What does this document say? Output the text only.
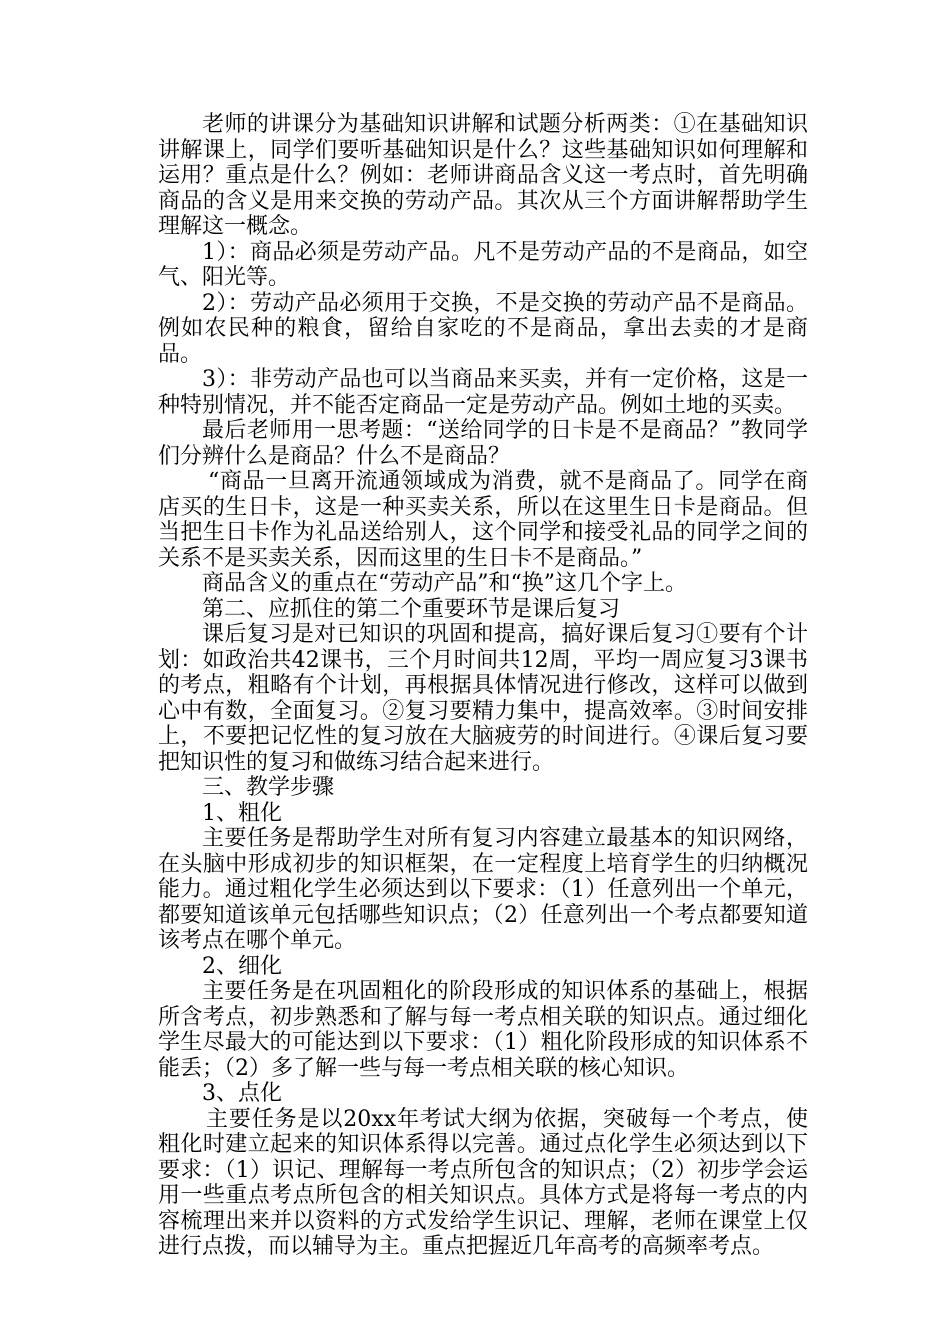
老师的讲课分为基础知识讲解和试题分析两类：①在基础知识讲解课上，同学们要听基础知识是什么？这些基础知识如何理解和运用？重点是什么？例如：老师讲商品含义这一考点时，首先明确商品的含义是用来交换的劳动产品。其次从三个方面讲解帮助学生理解这一概念。

1）：商品必须是劳动产品。凡不是劳动产品的不是商品，如空气、阳光等。

2）：劳动产品必须用于交换，不是交换的劳动产品不是商品。例如农民种的粮食，留给自家吃的不是商品，拿出去卖的才是商品。

3）：非劳动产品也可以当商品来买卖，并有一定价格，这是一种特别情况，并不能否定商品一定是劳动产品。例如土地的买卖。

最后老师用一思考题：“送给同学的日卡是不是商品？”教同学们分辨什么是商品？什么不是商品？

“商品一旦离开流通领域成为消费，就不是商品了。同学在商店买的生日卡，这是一种买卖关系，所以在这里生日卡是商品。但当把生日卡作为礼品送给别人，这个同学和接受礼品的同学之间的关系不是买卖关系，因而这里的生日卡不是商品。”

商品含义的重点在“劳动产品”和“换”这几个字上。

第二、应抓住的第二个重要环节是课后复习

课后复习是对已知识的巩固和提高，搞好课后复习①要有个计划：如政治共42课书，三个月时间共12周，平均一周应复习3课书的考点，粗略有个计划，再根据具体情况进行修改，这样可以做到心中有数，全面复习。②复习要精力集中，提高效率。③时间安排上，不要把记忆性的复习放在大脑疲劳的时间进行。④课后复习要把知识性的复习和做练习结合起来进行。

三、教学步骤

1、粗化

主要任务是帮助学生对所有复习内容建立最基本的知识网络，在头脑中形成初步的知识框架，在一定程度上培育学生的归纳概况能力。通过粗化学生必须达到以下要求：（1）任意列出一个单元，都要知道该单元包括哪些知识点；（2）任意列出一个考点都要知道该考点在哪个单元。

2、细化

主要任务是在巩固粗化的阶段形成的知识体系的基础上，根据所含考点，初步熟悉和了解与每一考点相关联的知识点。通过细化学生尽最大的可能达到以下要求：（1）粗化阶段形成的知识体系不能丢；（2）多了解一些与每一考点相关联的核心知识。

3、点化

主要任务是以20xx年考试大纲为依据，突破每一个考点，使粗化时建立起来的知识体系得以完善。通过点化学生必须达到以下要求：（1）识记、理解每一考点所包含的知识点；（2）初步学会运用一些重点考点所包含的相关知识点。具体方式是将每一考点的内容梳理出来并以资料的方式发给学生识记、理解，老师在课堂上仅进行点拨，而以辅导为主。重点把握近几年高考的高频率考点。
